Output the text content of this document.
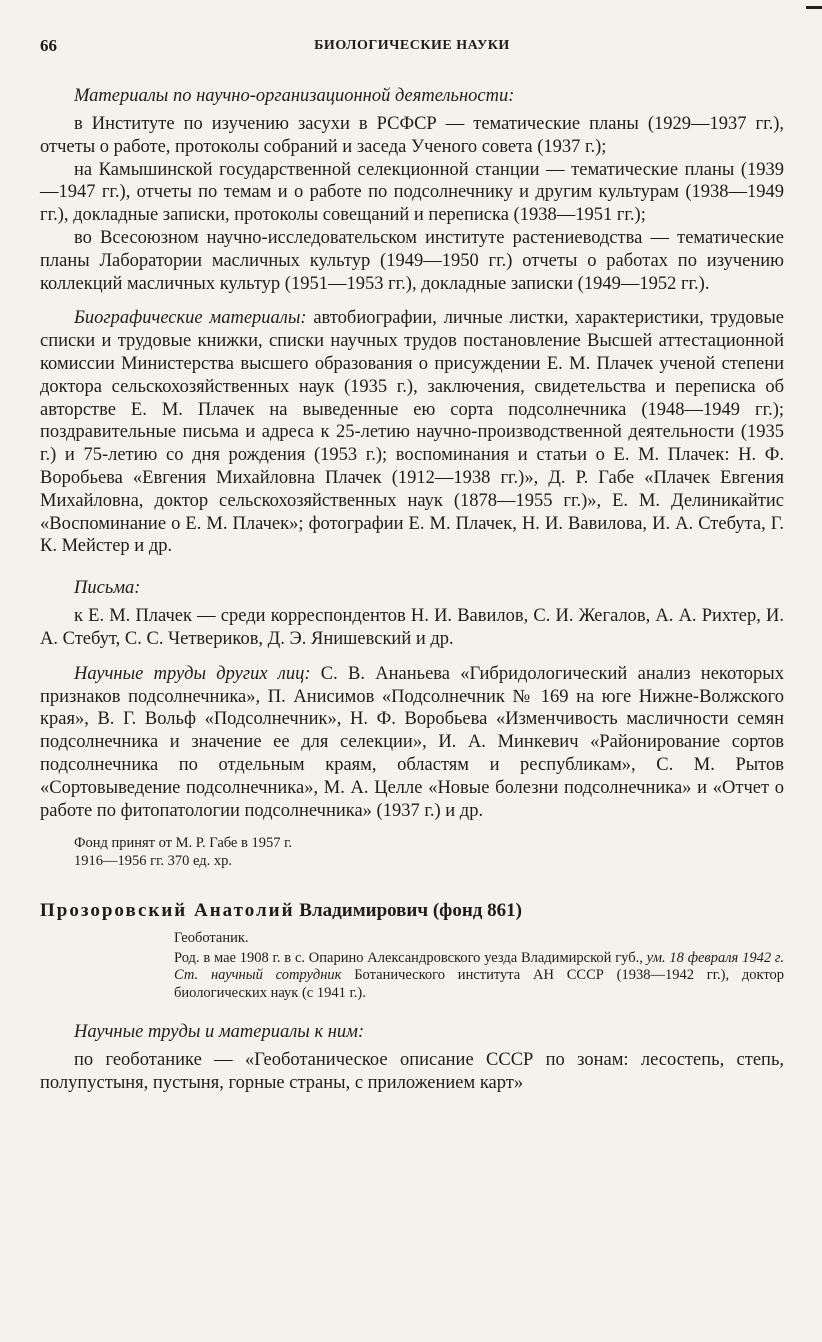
66	БИОЛОГИЧЕСКИЕ НАУКИ
Материалы по научно-организационной деятельности:

в Институте по изучению засухи в РСФСР — тематические планы (1929—1937 гг.), отчеты о работе, протоколы собраний и заседа Ученого совета (1937 г.);

на Камышинской государственной селекционной станции — тематические планы (1939—1947 гг.), отчеты по темам и о работе по подсолнечнику и другим культурам (1938—1949 гг.), докладные записки, протоколы совещаний и переписка (1938—1951 гг.);

во Всесоюзном научно-исследовательском институте растениеводства — тематические планы Лаборатории масличных культур (1949—1950 гг.) отчеты о работах по изучению коллекций масличных культур (1951—1953 гг.), докладные записки (1949—1952 гг.).

Биографические материалы: автобиографии, личные листки, характеристики, трудовые списки и трудовые книжки, списки научных трудов постановление Высшей аттестационной комиссии Министерства высшего образования о присуждении Е. М. Плачек ученой степени доктора сельскохозяйственных наук (1935 г.), заключения, свидетельства и переписка об авторстве Е. М. Плачек на выведенные ею сорта подсолнечника (1948—1949 гг.); поздравительные письма и адреса к 25-летию научно-производственной деятельности (1935 г.) и 75-летию со дня рождения (1953 г.); воспоминания и статьи о Е. М. Плачек: Н. Ф. Воробьева «Евгения Михайловна Плачек (1912—1938 гг.)», Д. Р. Габе «Плачек Евгения Михайловна, доктор сельскохозяйственных наук (1878—1955 гг.)», Е. М. Делиникайтис «Воспоминание о Е. М. Плачек»; фотографии Е. М. Плачек, Н. И. Вавилова, И. А. Стебута, Г. К. Мейстер и др.

Письма:

к Е. М. Плачек — среди корреспондентов Н. И. Вавилов, С. И. Жегалов, А. А. Рихтер, И. А. Стебут, С. С. Четвериков, Д. Э. Янишевский и др.

Научные труды других лиц: С. В. Ананьева «Гибридологический анализ некоторых признаков подсолнечника», П. Анисимов «Подсолнечник № 169 на юге Нижне-Волжского края», В. Г. Вольф «Подсолнечник», Н. Ф. Воробьева «Изменчивость масличности семян подсолнечника и значение ее для селекции», И. А. Минкевич «Районирование сортов подсолнечника по отдельным краям, областям и республикам», С. М. Рытов «Сортовыведение подсолнечника», М. А. Целле «Новые болезни подсолнечника» и «Отчет о работе по фитопатологии подсолнечника» (1937 г.) и др.

Фонд принят от М. Р. Габе в 1957 г.
1916—1956 гг. 370 ед. хр.
Прозоровский Анатолий Владимирович (фонд 861)
Геоботаник.
Род. в мае 1908 г. в с. Опарино Александровского уезда Владимирской губ., ум. 18 февраля 1942 г. Ст. научный сотрудник Ботанического института АН СССР (1938—1942 гг.), доктор биологических наук (с 1941 г.).
Научные труды и материалы к ним:

по геоботанике — «Геоботаническое описание СССР по зонам: лесостепь, степь, полупустыня, пустыня, горные страны, с приложением карт»
